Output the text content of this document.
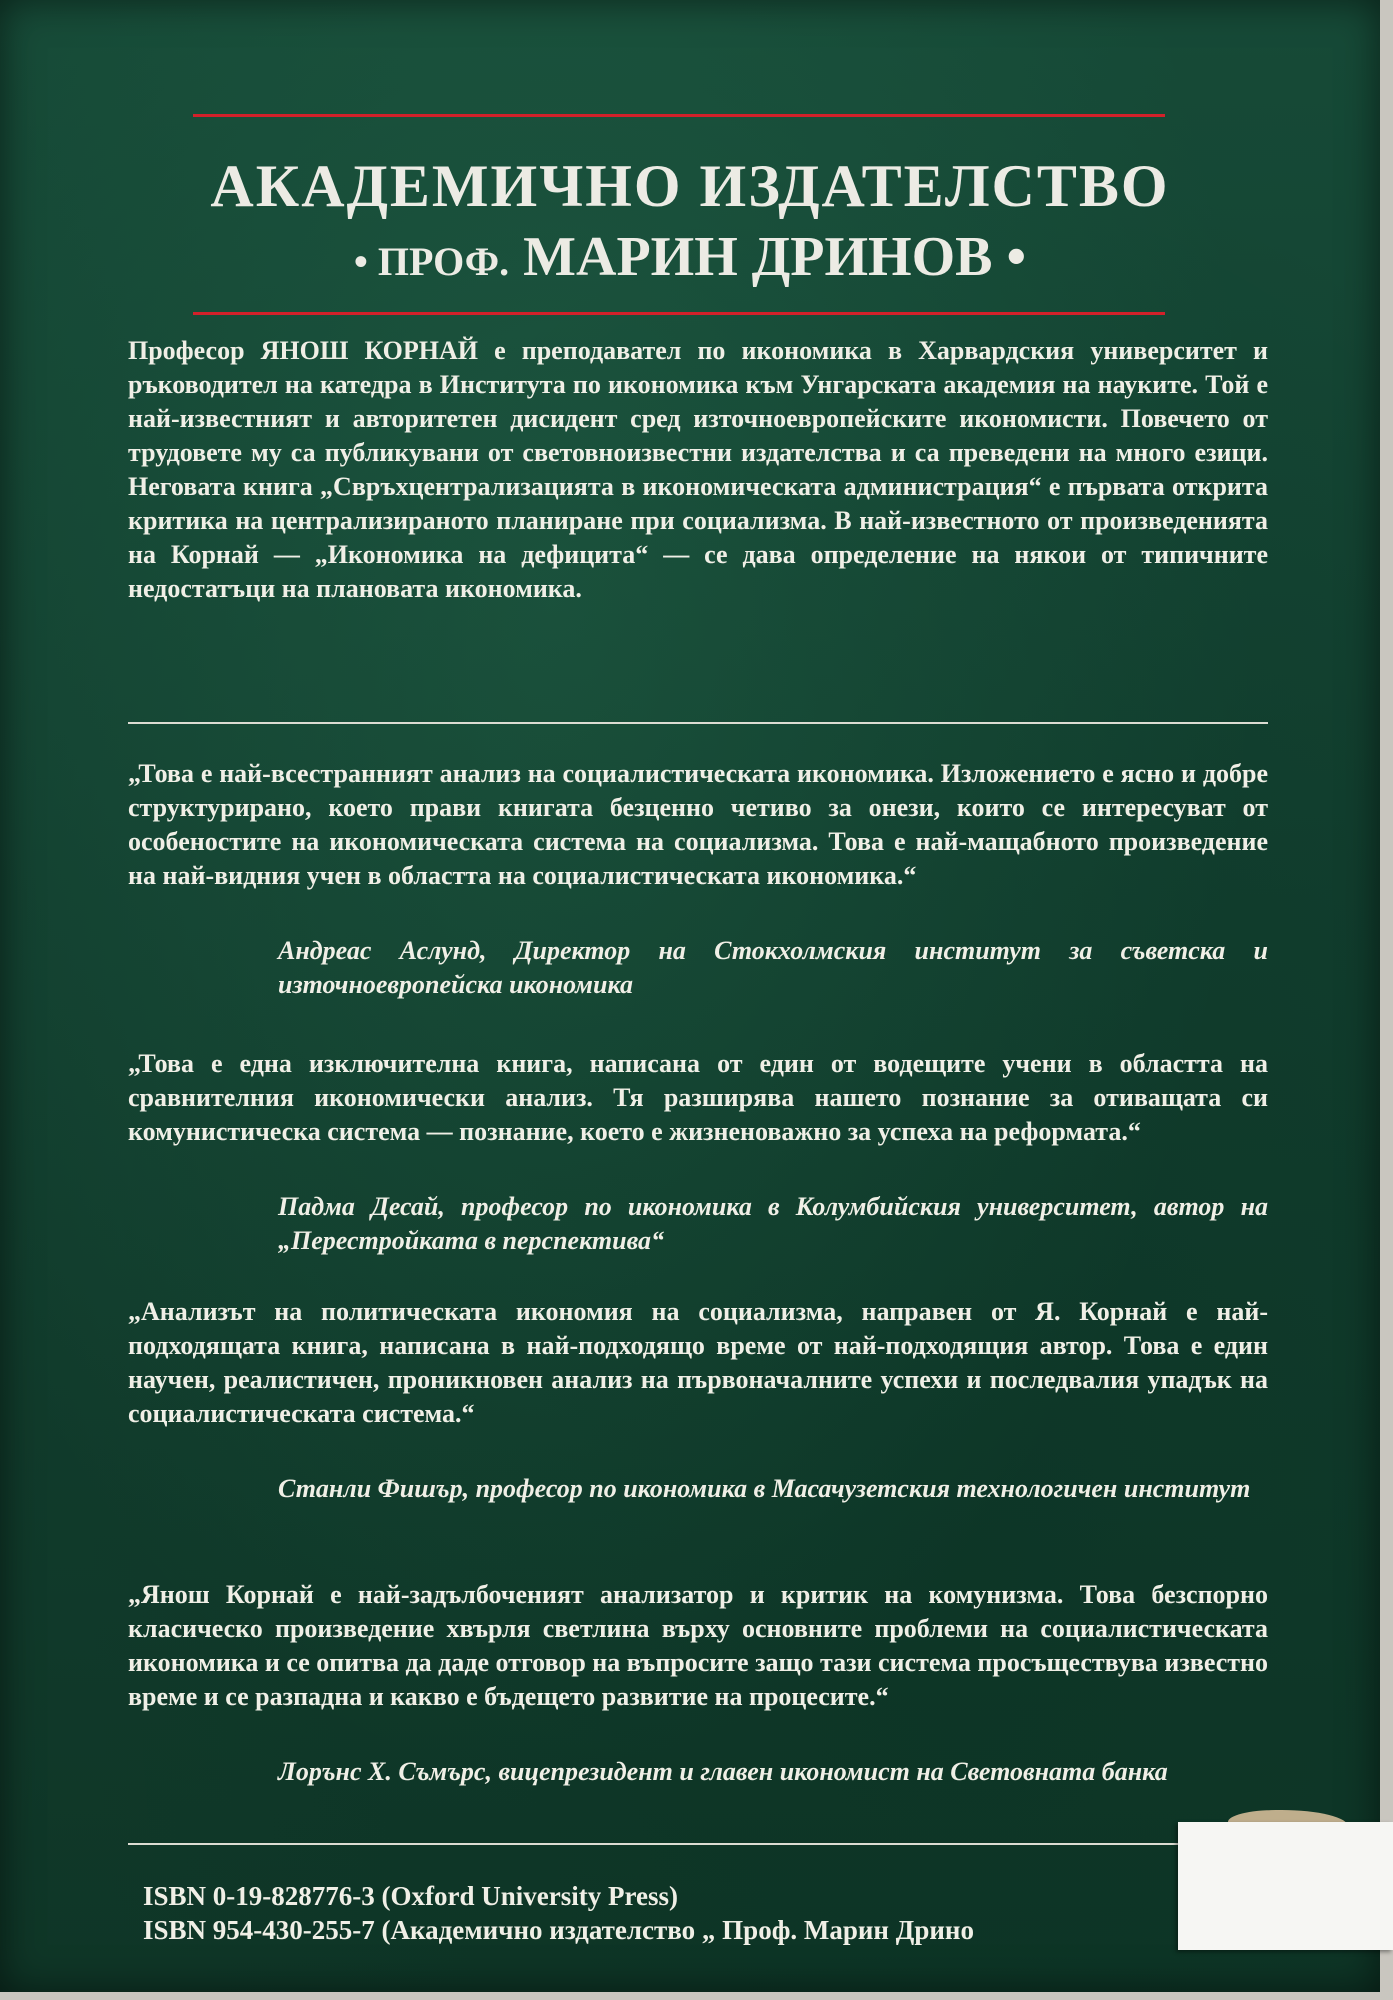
АКАДЕМИЧНО ИЗДАТЕЛСТВО
• ПРОФ. МАРИН ДРИНОВ •
Професор ЯНОШ КОРНАЙ е преподавател по икономика в Харвардския университет и ръководител на катедра в Института по икономика към Унгарската академия на науките. Той е най-известният и авторитетен дисидент сред източноевропейските икономисти. Повечето от трудовете му са публикувани от световноизвестни издателства и са преведени на много езици. Неговата книга „Свръхцентрализацията в икономическата администрация“ е първата открита критика на централизираното планиране при социализма. В най-известното от произведенията на Корнай — „Икономика на дефицита“ — се дава определение на някои от типичните недостатъци на плановата икономика.
„Това е най-всестранният анализ на социалистическата икономика. Изложението е ясно и добре структурирано, което прави книгата безценно четиво за онези, които се интересуват от особеностите на икономическата система на социализма. Това е най-мащабното произведение на най-видния учен в областта на социалистическата икономика.“
Андреас Аслунд, Директор на Стокхолмския институт за съветска и източноевропейска икономика
„Това е една изключителна книга, написана от един от водещите учени в областта на сравнителния икономически анализ. Тя разширява нашето познание за отиващата си комунистическа система — познание, което е жизненоважно за успеха на реформата.“
Падма Десай, професор по икономика в Колумбийския университет, автор на „Перестройката в перспектива“
„Анализът на политическата икономия на социализма, направен от Я. Корнай е най-подходящата книга, написана в най-подходящо време от най-подходящия автор. Това е един научен, реалистичен, проникновен анализ на първоначалните успехи и последвалия упадък на социалистическата система.“
Станли Фишър, професор по икономика в Масачузетския технологичен институт
„Янош Корнай е най-задълбоченият анализатор и критик на комунизма. Това безспорно класическо произведение хвърля светлина върху основните проблеми на социалистическата икономика и се опитва да даде отговор на въпросите защо тази система просъществува известно време и се разпадна и какво е бъдещето развитие на процесите.“
Лорънс Х. Съмърс, вицепрезидент и главен икономист на Световната банка
ISBN 0-19-828776-3 (Oxford University Press)
ISBN 954-430-255-7 (Академично издателство „ Проф. Марин Дрино
